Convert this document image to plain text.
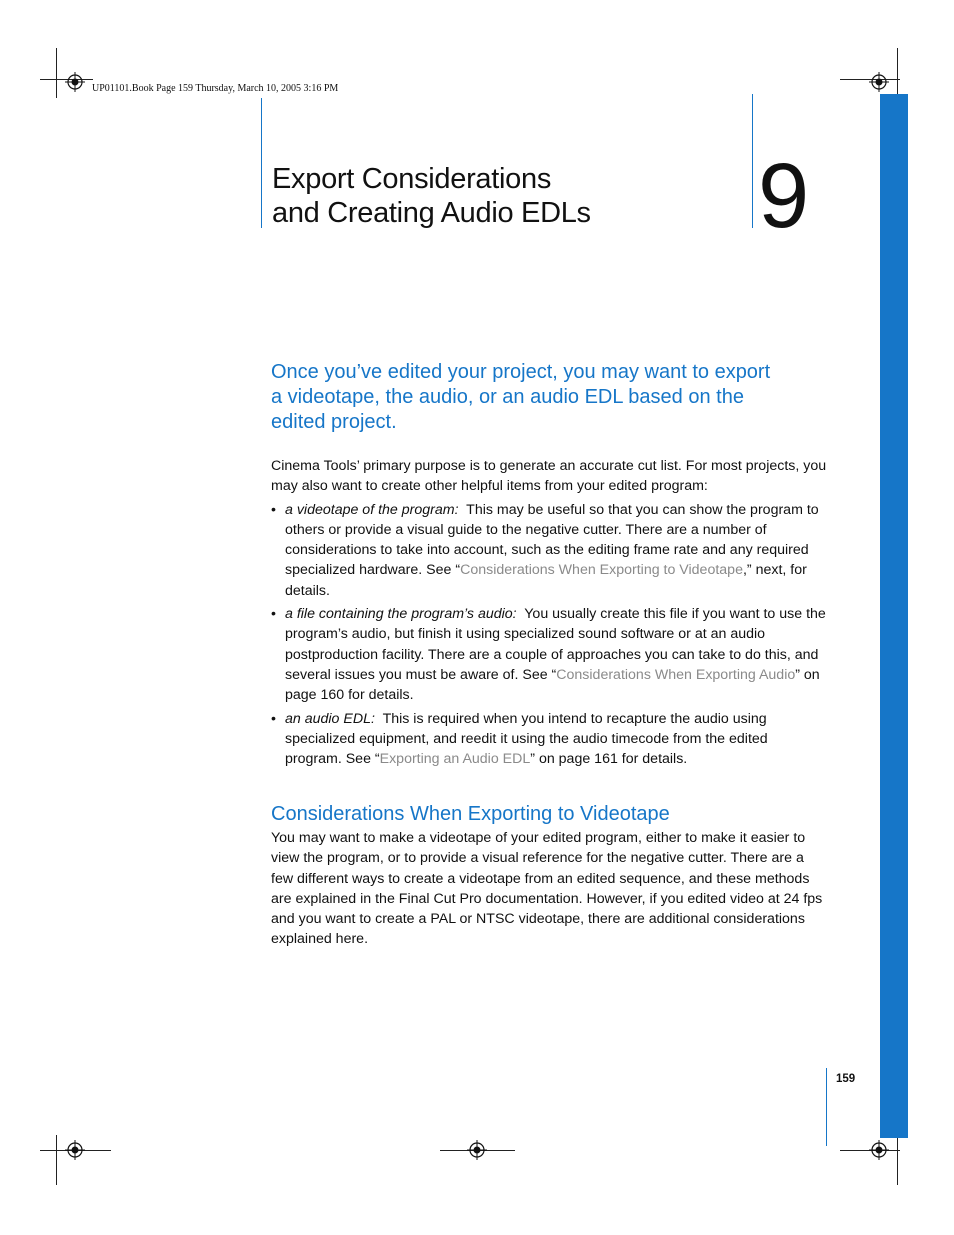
UP01101.Book Page 159 Thursday, March 10, 2005 3:16 PM
Export Considerations
and Creating Audio EDLs	9
Once you’ve edited your project, you may want to export
a videotape, the audio, or an audio EDL based on the
edited project.
Cinema Tools’ primary purpose is to generate an accurate cut list. For most projects, you may also want to create other helpful items from your edited program:
• a videotape of the program: This may be useful so that you can show the program to others or provide a visual guide to the negative cutter. There are a number of considerations to take into account, such as the editing frame rate and any required specialized hardware. See “Considerations When Exporting to Videotape,” next, for details.
• a file containing the program’s audio: You usually create this file if you want to use the program’s audio, but finish it using specialized sound software or at an audio postproduction facility. There are a couple of approaches you can take to do this, and several issues you must be aware of. See “Considerations When Exporting Audio” on page 160 for details.
• an audio EDL: This is required when you intend to recapture the audio using specialized equipment, and reedit it using the audio timecode from the edited program. See “Exporting an Audio EDL” on page 161 for details.
Considerations When Exporting to Videotape
You may want to make a videotape of your edited program, either to make it easier to view the program, or to provide a visual reference for the negative cutter. There are a few different ways to create a videotape from an edited sequence, and these methods are explained in the Final Cut Pro documentation. However, if you edited video at 24 fps and you want to create a PAL or NTSC videotape, there are additional considerations explained here.
159
